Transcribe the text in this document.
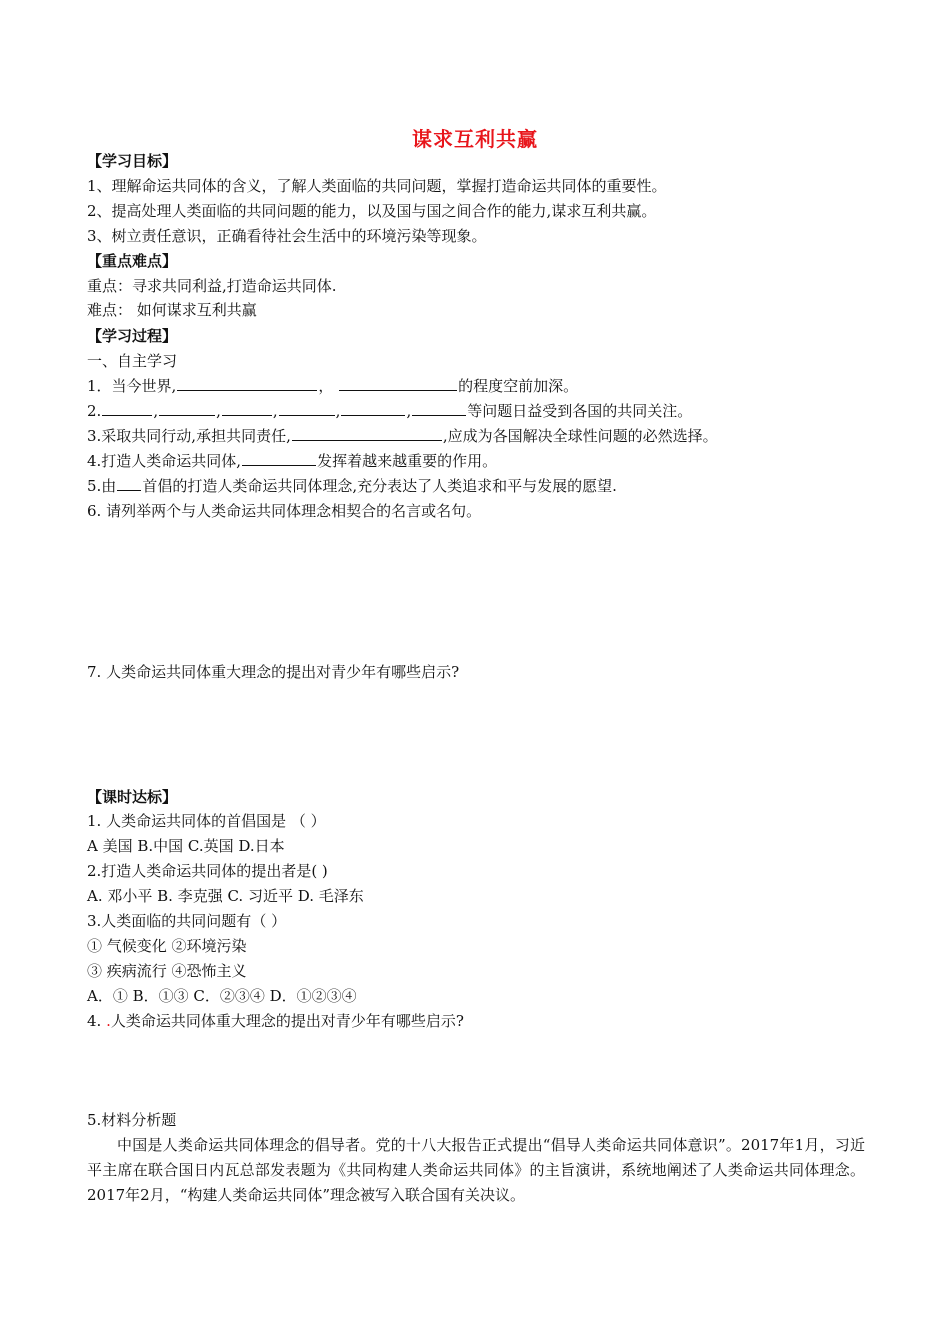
谋求互利共赢
【学习目标】
1、理解命运共同体的含义，了解人类面临的共同问题，掌握打造命运共同体的重要性。
2、提高处理人类面临的共同问题的能力，以及国与国之间合作的能力,谋求互利共赢。
3、树立责任意识，正确看待社会生活中的环境污染等现象。
【重点难点】
重点：寻求共同利益,打造命运共同体.
难点： 如何谋求互利共赢
【学习过程】
一、自主学习
1．当今世界,	，	的程度空前加深。
2.	,	,	,	,	,	等问题日益受到各国的共同关注。
3.采取共同行动,承担共同责任,	,应成为各国解决全球性问题的必然选择。
4.打造人类命运共同体,	发挥着越来越重要的作用。
5.由 首倡的打造人类命运共同体理念,充分表达了人类追求和平与发展的愿望.
6. 请列举两个与人类命运共同体理念相契合的名言或名句。
7. 人类命运共同体重大理念的提出对青少年有哪些启示?
【课时达标】
1. 人类命运共同体的首倡国是 （ ）
A 美国 B.中国 C.英国 D.日本
2.打造人类命运共同体的提出者是( )
A. 邓小平 B. 李克强 C. 习近平 D. 毛泽东
3.人类面临的共同问题有（ ）
① 气候变化 ②环境污染
③ 疾病流行 ④恐怖主义
A．① B．①③ C．②③④ D．①②③④
4. .人类命运共同体重大理念的提出对青少年有哪些启示?
5.材料分析题
中国是人类命运共同体理念的倡导者。党的十八大报告正式提出“倡导人类命运共同体意识”。2017年1月，习近平主席在联合国日内瓦总部发表题为《共同构建人类命运共同体》的主旨演讲，系统地阐述了人类命运共同体理念。2017年2月，“构建人类命运共同体”理念被写入联合国有关决议。
